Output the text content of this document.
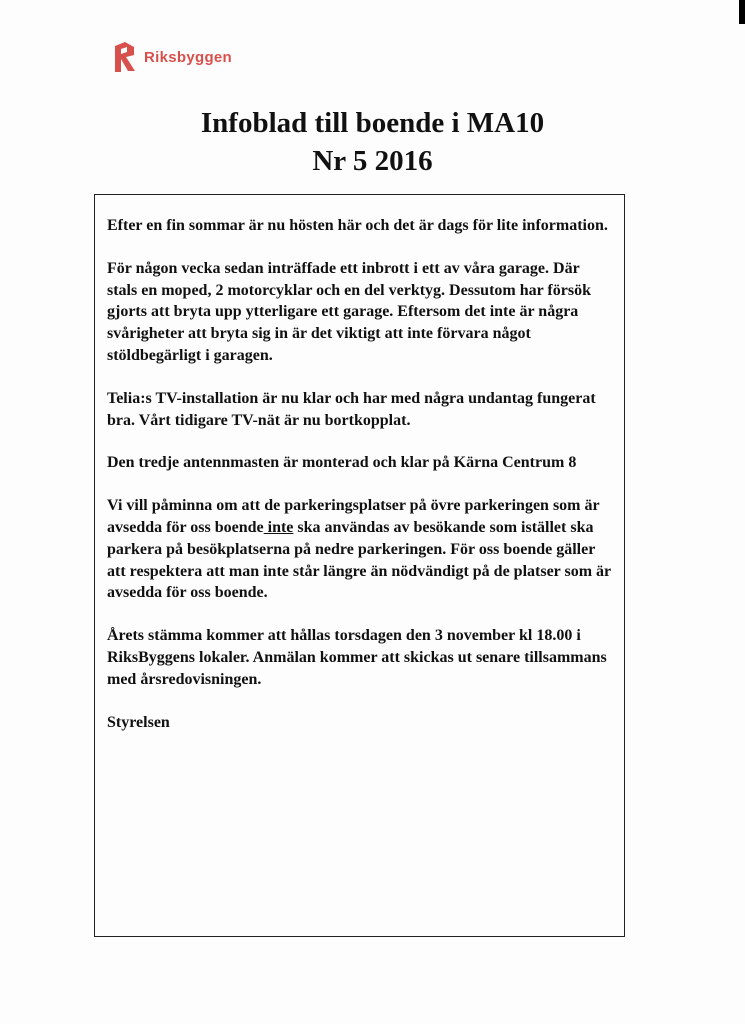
Riksbyggen

Infoblad till boende i MA10

Nr 5 2016

Efter en fin sommar är nu hösten här och det är dags för lite information.

För någon vecka sedan inträffade ett inbrott i ett av våra garage. Där stals en moped, 2 motorcyklar och en del verktyg. Dessutom har försök gjorts att bryta upp ytterligare ett garage. Eftersom det inte är några svårigheter att bryta sig in är det viktigt att inte förvara något stöldbegärligt i garagen.

Telia:s TV-installation är nu klar och har med några undantag fungerat bra. Vårt tidigare TV-nät är nu bortkopplat.

Den tredje antennmasten är monterad och klar på Kärna Centrum 8

Vi vill påminna om att de parkeringsplatser på övre parkeringen som är avsedda för oss boende inte ska användas av besökande som istället ska parkera på besökplatserna på nedre parkeringen. För oss boende gäller att respektera att man inte står längre än nödvändigt på de platser som är avsedda för oss boende.

Årets stämma kommer att hållas torsdagen den 3 november kl 18.00 i RiksByggens lokaler. Anmälan kommer att skickas ut senare tillsammans med årsredovisningen.

Styrelsen
